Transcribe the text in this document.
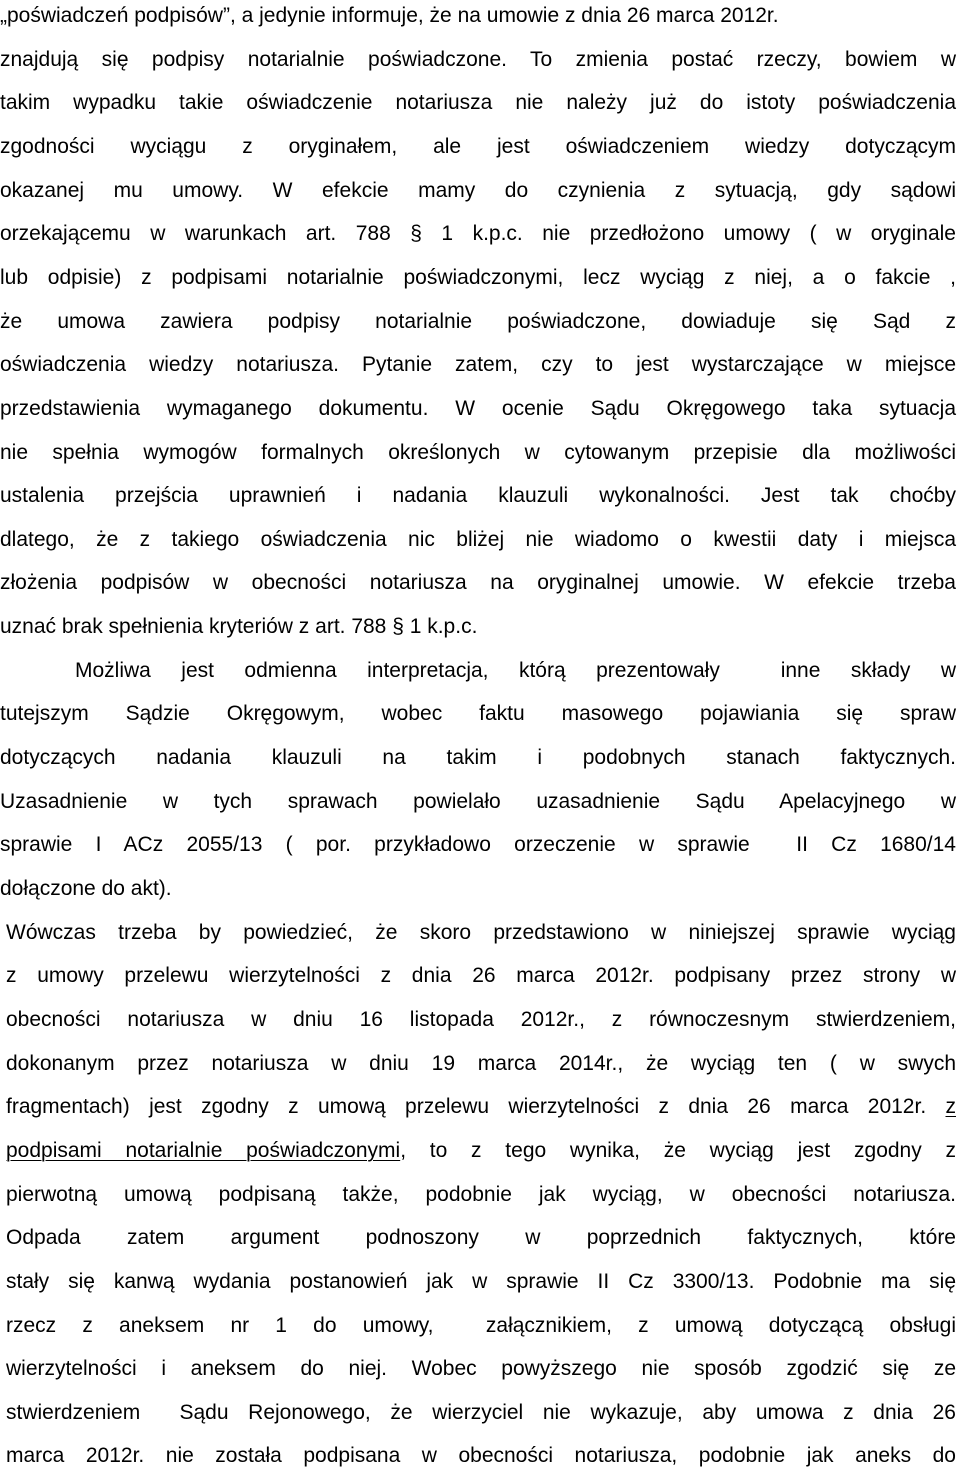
„poświadczeń podpisów”, a jedynie informuje, że na umowie z dnia 26 marca 2012r.
znajdują się podpisy notarialnie poświadczone. To zmienia postać rzeczy, bowiem w
takim wypadku takie oświadczenie notariusza nie należy już do istoty poświadczenia
zgodności wyciągu z oryginałem, ale jest oświadczeniem wiedzy dotyczącym
okazanej mu umowy. W efekcie mamy do czynienia z sytuacją, gdy sądowi
orzekającemu w warunkach art. 788 § 1 k.p.c. nie przedłożono umowy ( w oryginale
lub odpisie) z podpisami notarialnie poświadczonymi, lecz wyciąg z niej, a o fakcie ,
że umowa zawiera podpisy notarialnie poświadczone, dowiaduje się Sąd z
oświadczenia wiedzy notariusza. Pytanie zatem, czy to jest wystarczające w miejsce
przedstawienia wymaganego dokumentu. W ocenie Sądu Okręgowego taka sytuacja
nie spełnia wymogów formalnych określonych w cytowanym przepisie dla możliwości
ustalenia przejścia uprawnień i nadania klauzuli wykonalności. Jest tak choćby
dlatego, że z takiego oświadczenia nic bliżej nie wiadomo o kwestii daty i miejsca
złożenia podpisów w obecności notariusza na oryginalnej umowie. W efekcie trzeba
uznać brak spełnienia kryteriów z art. 788 § 1 k.p.c.
Możliwa jest odmienna interpretacja, którą prezentowały  inne składy w
tutejszym Sądzie Okręgowym, wobec faktu masowego pojawiania się spraw
dotyczących nadania klauzuli na takim i podobnych stanach faktycznych.
Uzasadnienie w tych sprawach powielało uzasadnienie Sądu Apelacyjnego w
sprawie I ACz 2055/13 ( por. przykładowo orzeczenie w sprawie  II Cz 1680/14
dołączone do akt).
Wówczas trzeba by powiedzieć, że skoro przedstawiono w niniejszej sprawie wyciąg
z umowy przelewu wierzytelności z dnia 26 marca 2012r. podpisany przez strony w
obecności notariusza w dniu 16 listopada 2012r., z równoczesnym stwierdzeniem,
dokonanym przez notariusza w dniu 19 marca 2014r., że wyciąg ten ( w swych
fragmentach) jest zgodny z umową przelewu wierzytelności z dnia 26 marca 2012r. z
podpisami notarialnie poświadczonymi, to z tego wynika, że wyciąg jest zgodny z
pierwotną umową podpisaną także, podobnie jak wyciąg, w obecności notariusza.
Odpada zatem argument podnoszony w poprzednich faktycznych, które
stały się kanwą wydania postanowień jak w sprawie II Cz 3300/13. Podobnie ma się
rzecz z aneksem nr 1 do umowy,  załącznikiem, z umową dotyczącą obsługi
wierzytelności i aneksem do niej. Wobec powyższego nie sposób zgodzić się ze
stwierdzeniem  Sądu Rejonowego, że wierzyciel nie wykazuje, aby umowa z dnia 26
marca 2012r. nie została podpisana w obecności notariusza, podobnie jak aneks do
